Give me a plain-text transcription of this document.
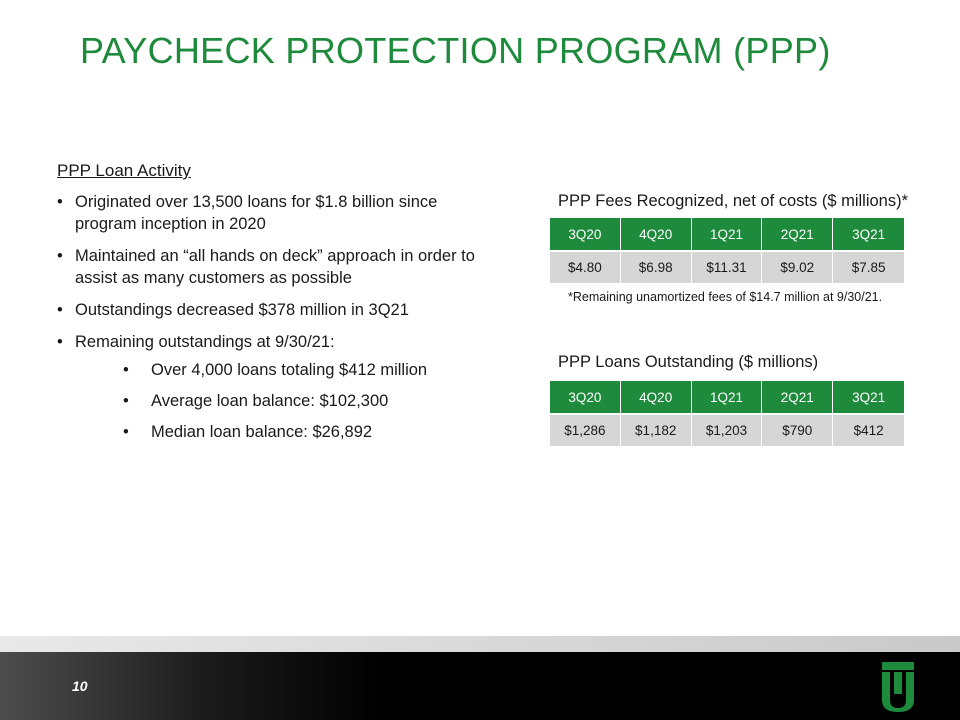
PAYCHECK PROTECTION PROGRAM (PPP)
PPP Loan Activity
• Originated over 13,500 loans for $1.8 billion since program inception in 2020
• Maintained an “all hands on deck” approach in order to assist as many customers as possible
• Outstandings decreased $378 million in 3Q21
• Remaining outstandings at 9/30/21:
• Over 4,000 loans totaling $412 million
• Average loan balance: $102,300
• Median loan balance: $26,892
PPP Fees Recognized, net of costs ($ millions)*
3Q20	4Q20	1Q21	2Q21	3Q21
$4.80	$6.98	$11.31	$9.02	$7.85
*Remaining unamortized fees of $14.7 million at 9/30/21.
PPP Loans Outstanding ($ millions)
3Q20	4Q20	1Q21	2Q21	3Q21
$1,286	$1,182	$1,203	$790	$412
10
